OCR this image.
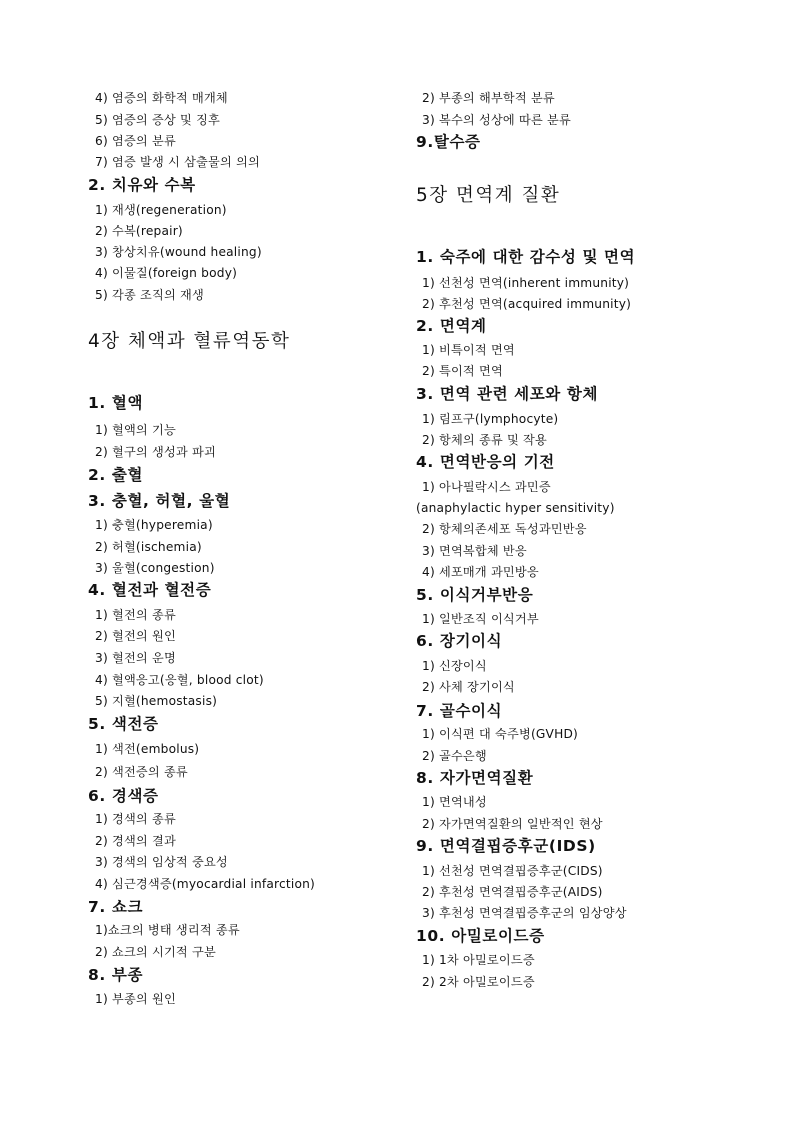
4) 염증의 화학적 매개체
5) 염증의 증상 및 징후
6) 염증의 분류
7) 염증 발생 시 삼출물의 의의
2. 치유와 수복
1) 재생(regeneration)
2) 수복(repair)
3) 창상치유(wound healing)
4) 이물질(foreign body)
5) 각종 조직의 재생
4장 체액과 혈류역동학
1. 혈액
1) 혈액의 기능
2) 혈구의 생성과 파괴
2. 출혈
3. 충혈, 허혈, 울혈
1) 충혈(hyperemia)
2) 허혈(ischemia)
3) 울혈(congestion)
4. 혈전과 혈전증
1) 혈전의 종류
2) 혈전의 원인
3) 혈전의 운명
4) 혈액응고(응혈, blood clot)
5) 지혈(hemostasis)
5. 색전증
1) 색전(embolus)
2) 색전증의 종류
6. 경색증
1) 경색의 종류
2) 경색의 결과
3) 경색의 임상적 중요성
4) 심근경색증(myocardial infarction)
7. 쇼크
1)쇼크의 병태 생리적 종류
2) 쇼크의 시기적 구분
8. 부종
1) 부종의 원인
2) 부종의 해부학적 분류
3) 복수의 성상에 따른 분류
9.탈수증
5장 면역계 질환
1. 숙주에 대한 감수성 및 면역
1) 선천성 면역(inherent immunity)
2) 후천성 면역(acquired immunity)
2. 면역계
1) 비특이적 면역
2) 특이적 면역
3. 면역 관련 세포와 항체
1) 림프구(lymphocyte)
2) 항체의 종류 및 작용
4. 면역반응의 기전
1) 아나필락시스 과민증
(anaphylactic hyper sensitivity)
2) 항체의존세포 독성과민반응
3) 면역복합체 반응
4) 세포매개 과민방응
5. 이식거부반응
1) 일반조직 이식거부
6. 장기이식
1) 신장이식
2) 사체 장기이식
7. 골수이식
1) 이식편 대 숙주병(GVHD)
2) 골수은행
8. 자가면역질환
1) 면역내성
2) 자가면역질환의 일반적인 현상
9. 면역결핍증후군(IDS)
1) 선천성 면역결핍증후군(CIDS)
2) 후천성 면역결핍증후군(AIDS)
3) 후천성 면역결핍증후군의 임상양상
10. 아밀로이드증
1) 1차 아밀로이드증
2) 2차 아밀로이드증
